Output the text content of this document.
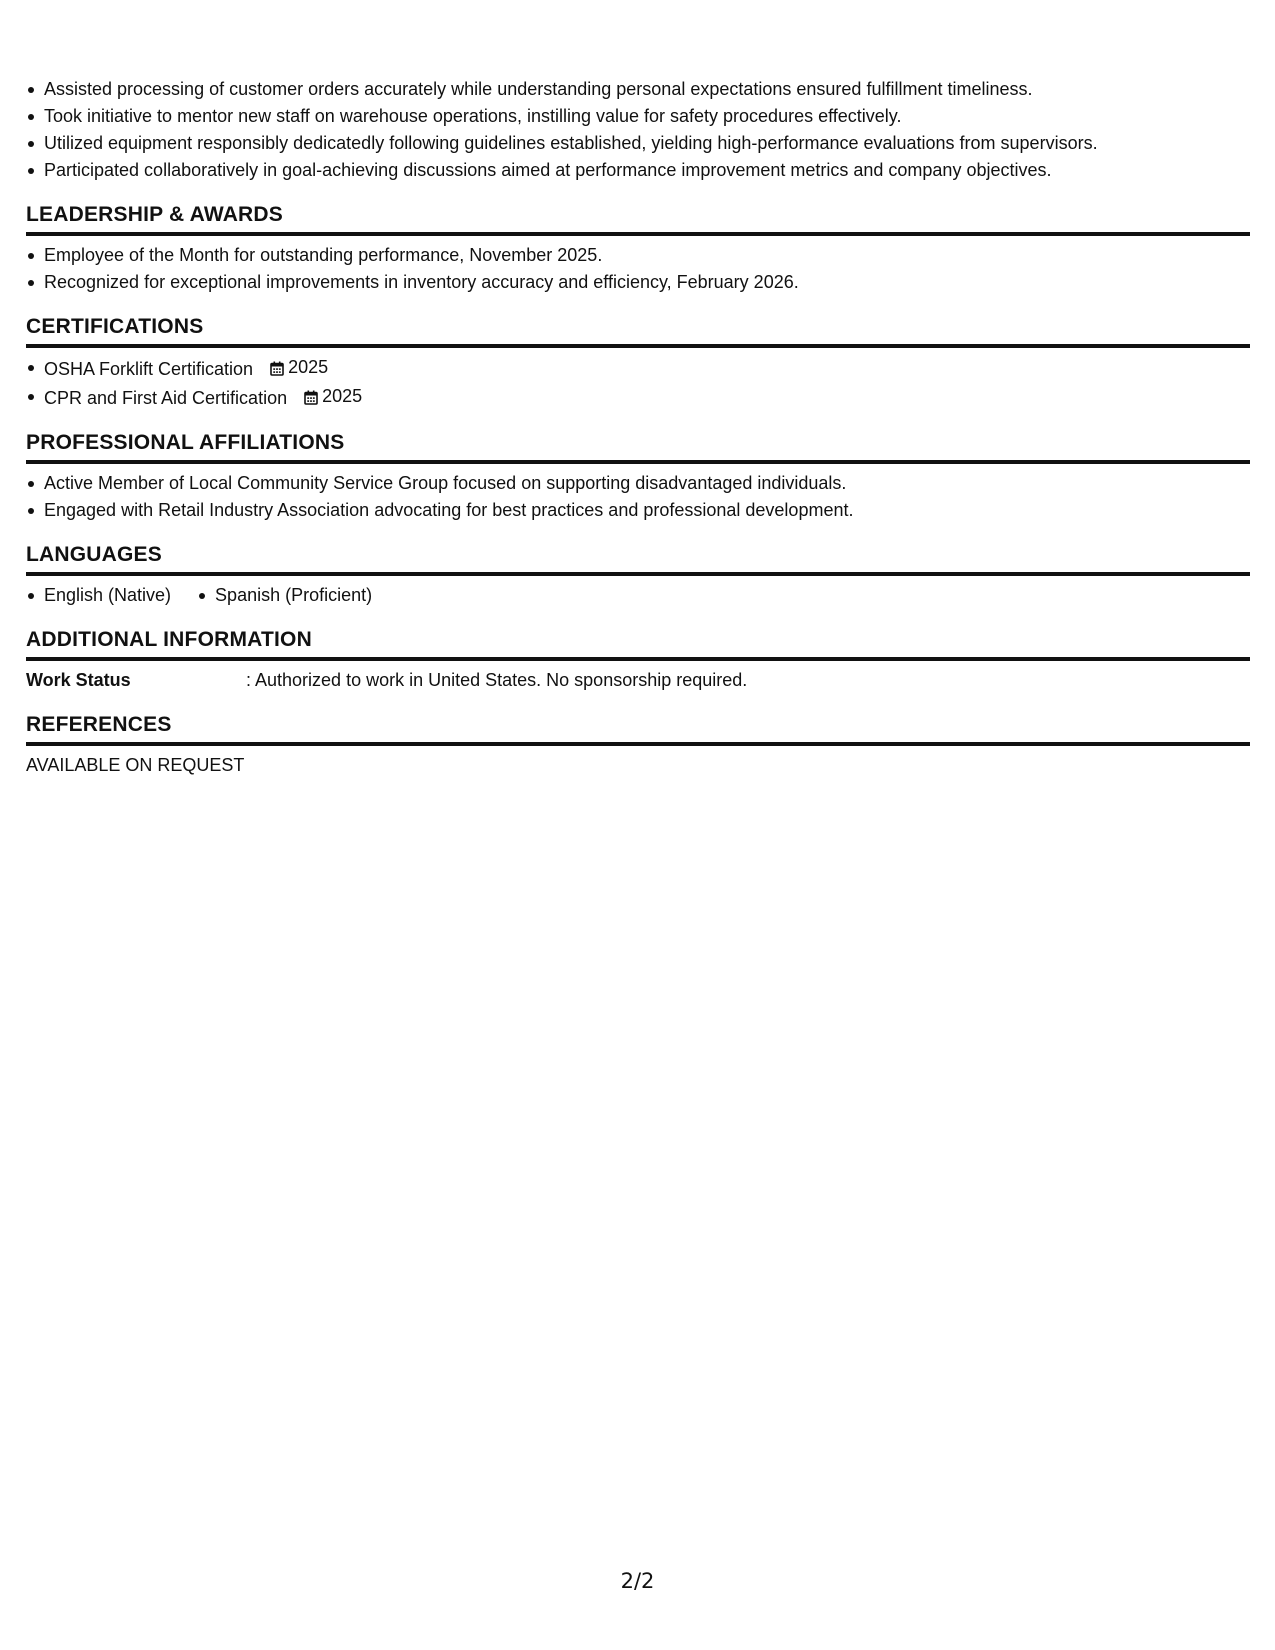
Assisted processing of customer orders accurately while understanding personal expectations ensured fulfillment timeliness.
Took initiative to mentor new staff on warehouse operations, instilling value for safety procedures effectively.
Utilized equipment responsibly dedicatedly following guidelines established, yielding high-performance evaluations from supervisors.
Participated collaboratively in goal-achieving discussions aimed at performance improvement metrics and company objectives.
LEADERSHIP & AWARDS
Employee of the Month for outstanding performance, November 2025.
Recognized for exceptional improvements in inventory accuracy and efficiency, February 2026.
CERTIFICATIONS
OSHA Forklift Certification 2025
CPR and First Aid Certification 2025
PROFESSIONAL AFFILIATIONS
Active Member of Local Community Service Group focused on supporting disadvantaged individuals.
Engaged with Retail Industry Association advocating for best practices and professional development.
LANGUAGES
English (Native) Spanish (Proficient)
ADDITIONAL INFORMATION
Work Status	: Authorized to work in United States. No sponsorship required.
REFERENCES
AVAILABLE ON REQUEST
2/2
